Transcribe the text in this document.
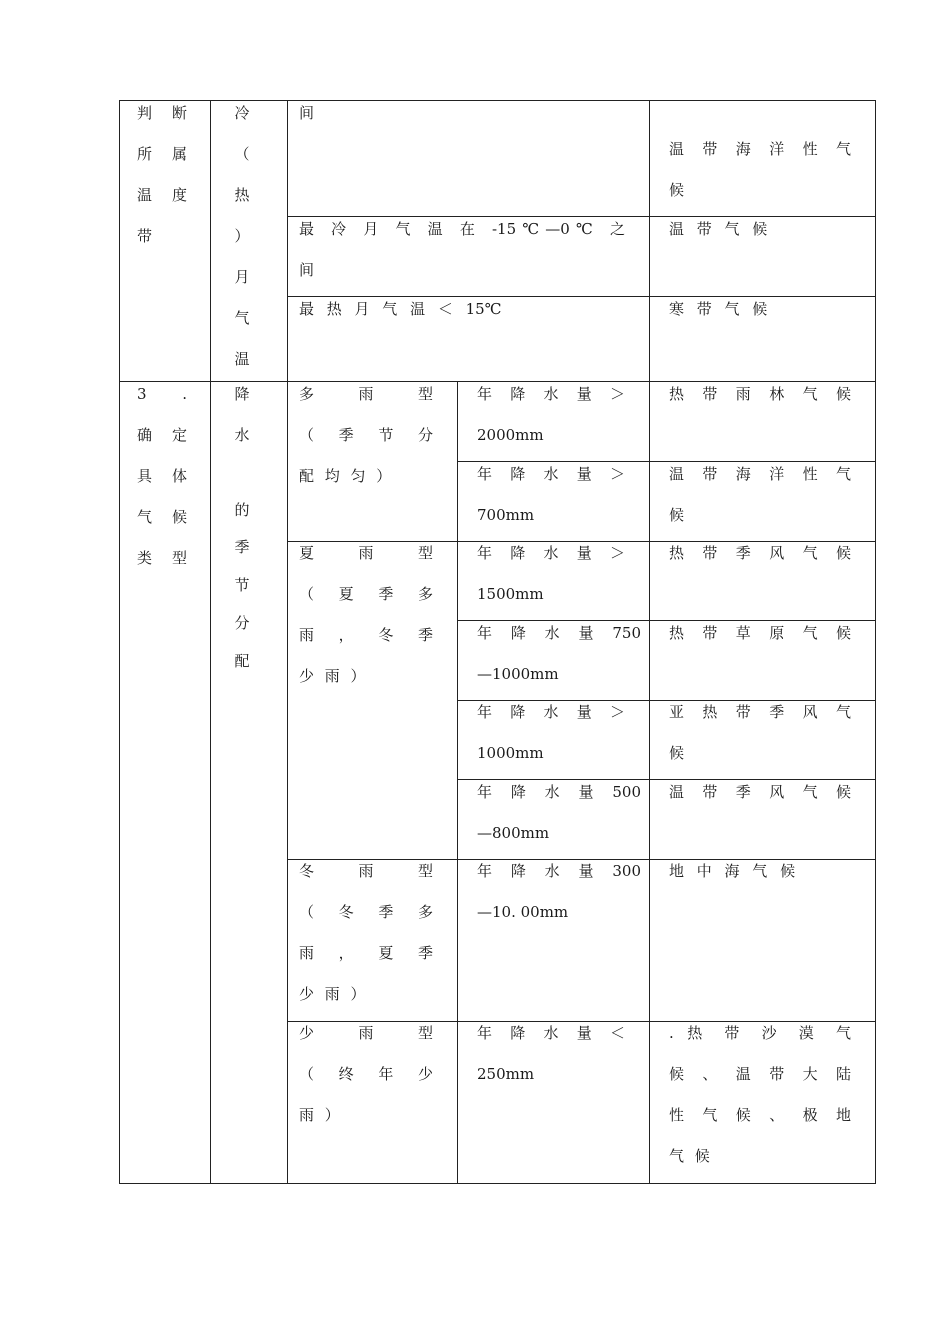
判 断
所 属
温 度
带
3 .
确 定
具 体
气 候
类 型
冷
（
热
）
月
气
温
降
水
的
季
节
分
配
间
最 冷 月 气 温 在 -15℃—0℃ 之
间
最 热 月 气 温 ＜ 15℃
温 带 海 洋 性 气
候
温 带 气 候
寒 带 气 候
多 雨 型
（ 季 节 分
配 均 匀 ）
夏 雨 型
（ 夏 季 多
雨 ， 冬 季
少 雨 ）
冬 雨 型
（ 冬 季 多
雨 ， 夏 季
少 雨 ）
少 雨 型
（ 终 年 少
雨 ）
年 降 水 量 ＞
2000mm
年 降 水 量 ＞
700mm
年 降 水 量 ＞
1500mm
年 降 水 量 750
—1000mm
年 降 水 量 ＞
1000mm
年 降 水 量 500
—800mm
年 降 水 量 300
—10. 00mm
年 降 水 量 ＜
250mm
热 带 雨 林 气 候
温 带 海 洋 性 气
候
热 带 季 风 气 候
热 带 草 原 气 候
亚 热 带 季 风 气
候
温 带 季 风 气 候
地 中 海 气 候
. 热 带 沙 漠 气
候 、 温 带 大 陆
性 气 候 、 极 地
气 候
